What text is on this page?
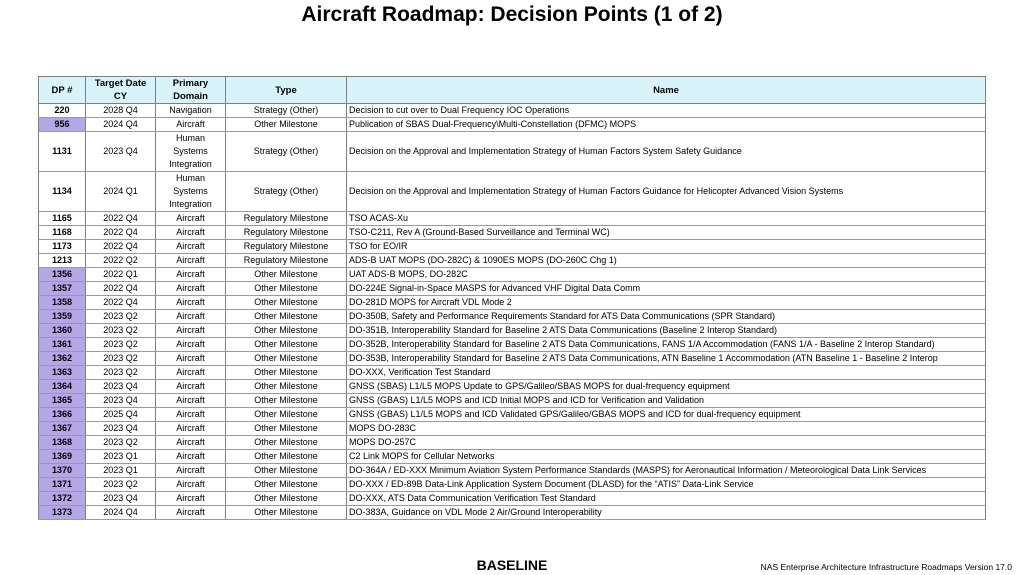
Aircraft Roadmap: Decision Points (1 of 2)
DP #	Target Date CY	Primary Domain	Type	Name
220	2028 Q4	Navigation	Strategy (Other)	Decision to cut over to Dual Frequency IOC Operations
956	2024 Q4	Aircraft	Other Milestone	Publication of SBAS Dual-Frequency\Multi-Constellation (DFMC) MOPS
1131	2023 Q4	Human Systems Integration	Strategy (Other)	Decision on the Approval and Implementation Strategy of Human Factors System Safety Guidance
1134	2024 Q1	Human Systems Integration	Strategy (Other)	Decision on the Approval and Implementation Strategy of Human Factors Guidance for Helicopter Advanced Vision Systems
1165	2022 Q4	Aircraft	Regulatory Milestone	TSO ACAS-Xu
1168	2022 Q4	Aircraft	Regulatory Milestone	TSO-C211, Rev A (Ground-Based Surveillance and Terminal WC)
1173	2022 Q4	Aircraft	Regulatory Milestone	TSO for EO/IR
1213	2022 Q2	Aircraft	Regulatory Milestone	ADS-B UAT MOPS (DO-282C) & 1090ES MOPS (DO-260C Chg 1)
1356	2022 Q1	Aircraft	Other Milestone	UAT ADS-B MOPS, DO-282C
1357	2022 Q4	Aircraft	Other Milestone	DO-224E Signal-in-Space MASPS for Advanced VHF Digital Data Comm
1358	2022 Q4	Aircraft	Other Milestone	DO-281D MOPS for Aircraft VDL Mode 2
1359	2023 Q2	Aircraft	Other Milestone	DO-350B, Safety and Performance Requirements Standard for ATS Data Communications (SPR Standard)
1360	2023 Q2	Aircraft	Other Milestone	DO-351B, Interoperability Standard for Baseline 2 ATS Data Communications (Baseline 2 Interop Standard)
1361	2023 Q2	Aircraft	Other Milestone	DO-352B, Interoperability Standard for Baseline 2 ATS Data Communications, FANS 1/A Accommodation (FANS 1/A - Baseline 2 Interop Standard)
1362	2023 Q2	Aircraft	Other Milestone	DO-353B, Interoperability Standard for Baseline 2 ATS Data Communications, ATN Baseline 1 Accommodation (ATN Baseline 1 - Baseline 2 Interop
1363	2023 Q2	Aircraft	Other Milestone	DO-XXX, Verification Test Standard
1364	2023 Q4	Aircraft	Other Milestone	GNSS (SBAS) L1/L5 MOPS Update to GPS/Galileo/SBAS MOPS for dual-frequency equipment
1365	2023 Q4	Aircraft	Other Milestone	GNSS (GBAS) L1/L5 MOPS and ICD Initial MOPS and ICD for Verification and Validation
1366	2025 Q4	Aircraft	Other Milestone	GNSS (GBAS) L1/L5 MOPS and ICD Validated GPS/Galileo/GBAS MOPS and ICD for dual-frequency equipment
1367	2023 Q4	Aircraft	Other Milestone	MOPS DO-283C
1368	2023 Q2	Aircraft	Other Milestone	MOPS DO-257C
1369	2023 Q1	Aircraft	Other Milestone	C2 Link MOPS for Cellular Networks
1370	2023 Q1	Aircraft	Other Milestone	DO-364A / ED-XXX Minimum Aviation System Performance Standards (MASPS) for Aeronautical Information / Meteorological Data Link Services
1371	2023 Q2	Aircraft	Other Milestone	DO-XXX / ED-89B Data-Link Application System Document (DLASD) for the “ATIS” Data-Link Service
1372	2023 Q4	Aircraft	Other Milestone	DO-XXX, ATS Data Communication Verification Test Standard
1373	2024 Q4	Aircraft	Other Milestone	DO-383A, Guidance on VDL Mode 2 Air/Ground Interoperability
BASELINE	NAS Enterprise Architecture Infrastructure Roadmaps Version 17.0
